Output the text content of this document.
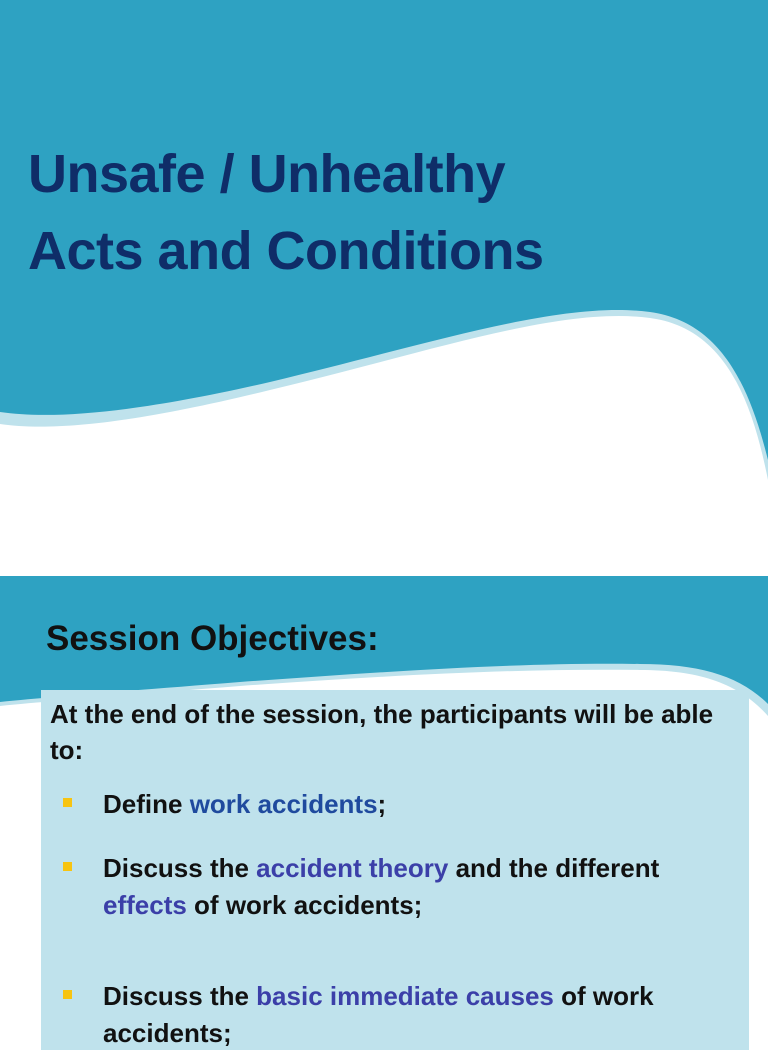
Unsafe / Unhealthy
Acts and Conditions
Session Objectives:

At the end of the session, the participants will be able to:

Define work accidents;
Discuss the accident theory and the different effects of work accidents;
Discuss the basic immediate causes of work accidents;
